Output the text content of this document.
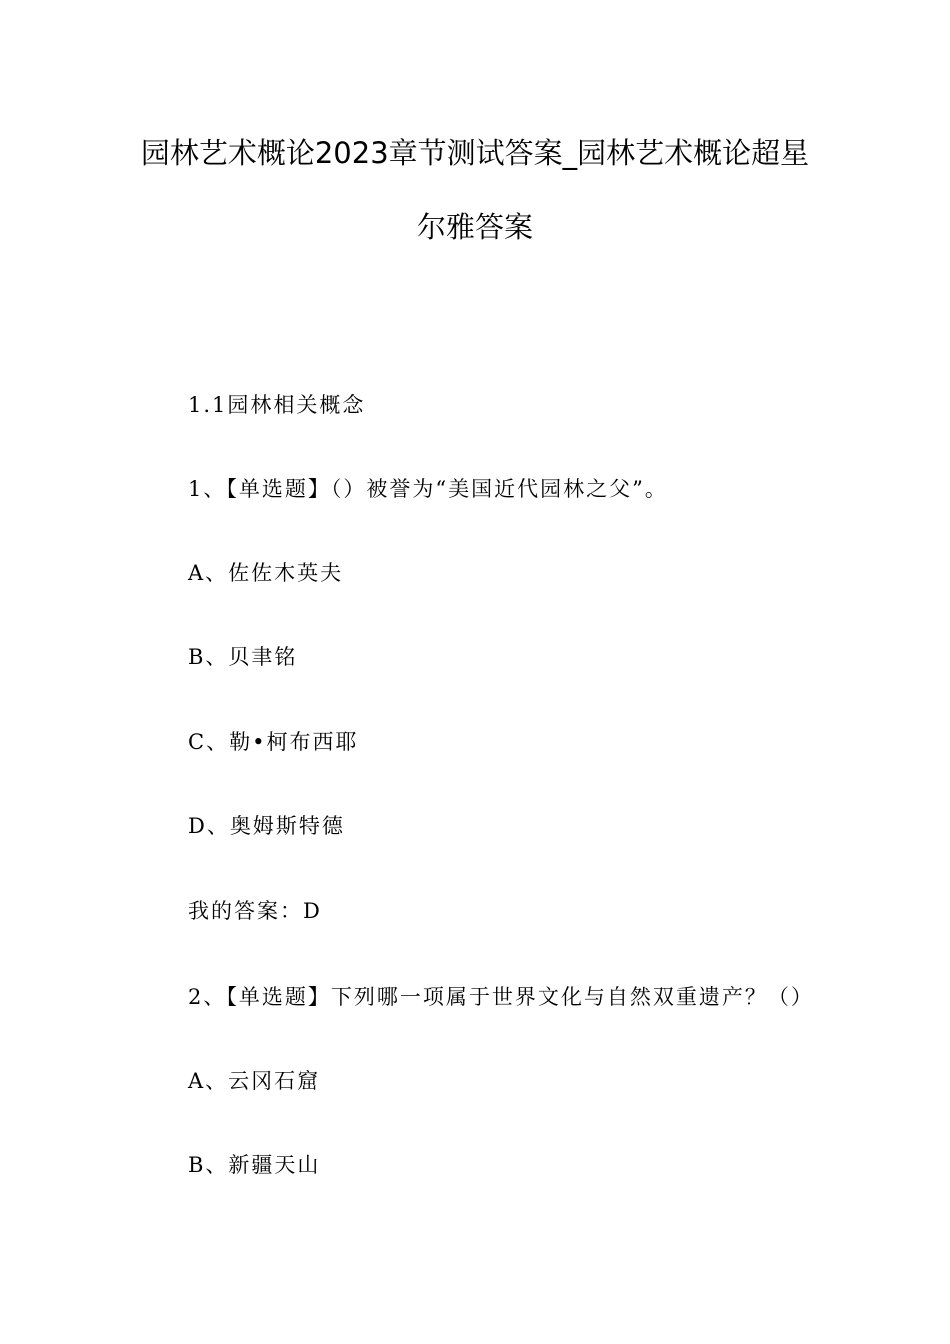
园林艺术概论2023章节测试答案_园林艺术概论超星
尔雅答案
1.1园林相关概念
1、【单选题】（）被誉为“美国近代园林之父”。
A、佐佐木英夫
B、贝聿铭
C、勒•柯布西耶
D、奥姆斯特德
我的答案：D
2、【单选题】下列哪一项属于世界文化与自然双重遗产？（）
A、云冈石窟
B、新疆天山
